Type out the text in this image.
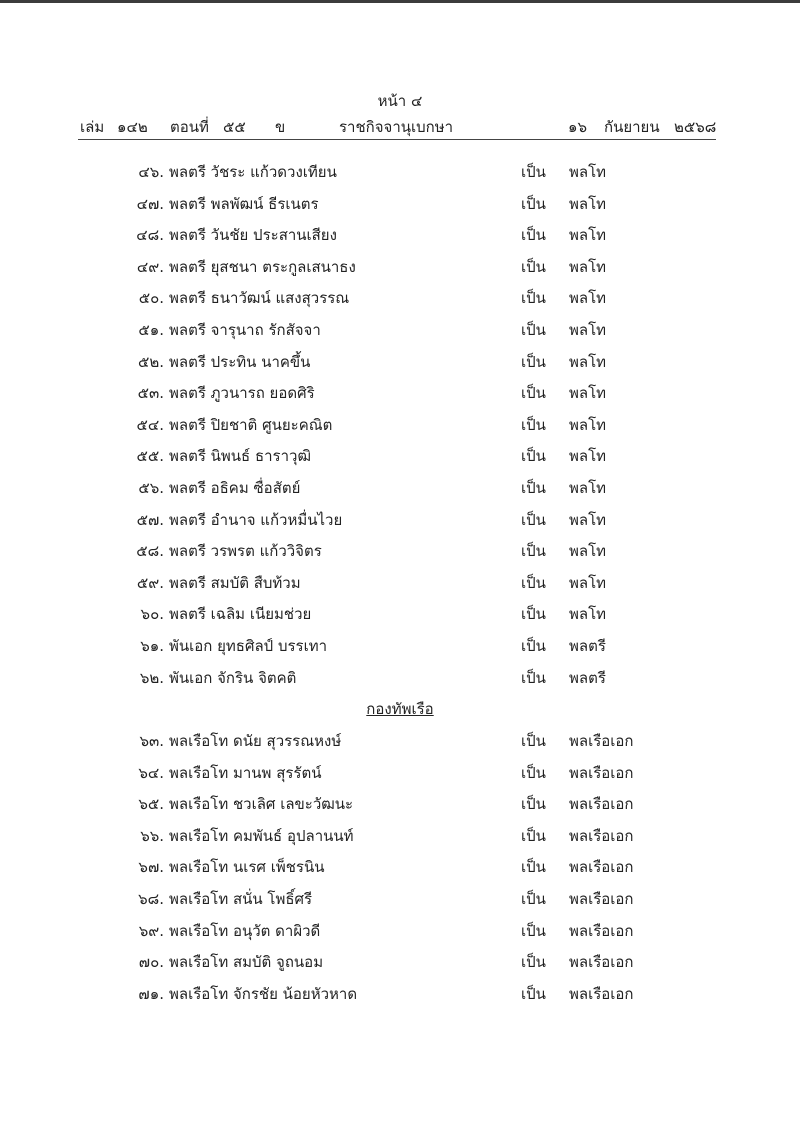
หน้า ๔
เล่ม ๑๔๒ ตอนที่ ๕๕ ข	ราชกิจจานุเบกษา	๑๖ กันยายน ๒๕๖๘
๔๖. พลตรี วัชระ แก้วดวงเทียน	เป็น พลโท
๔๗. พลตรี พลพัฒน์ ธีรเนตร	เป็น พลโท
๔๘. พลตรี วันชัย ประสานเสียง	เป็น พลโท
๔๙. พลตรี ยุสชนา ตระกูลเสนาธง	เป็น พลโท
๕๐. พลตรี ธนาวัฒน์ แสงสุวรรณ	เป็น พลโท
๕๑. พลตรี จารุนาถ รักสัจจา	เป็น พลโท
๕๒. พลตรี ประทิน นาคขึ้น	เป็น พลโท
๕๓. พลตรี ภูวนารถ ยอดศิริ	เป็น พลโท
๕๔. พลตรี ปิยชาติ ศูนยะคณิต	เป็น พลโท
๕๕. พลตรี นิพนธ์ ธาราวุฒิ	เป็น พลโท
๕๖. พลตรี อธิคม ซื่อสัตย์	เป็น พลโท
๕๗. พลตรี อำนาจ แก้วหมื่นไวย	เป็น พลโท
๕๘. พลตรี วรพรต แก้ววิจิตร	เป็น พลโท
๕๙. พลตรี สมบัติ สืบท้วม	เป็น พลโท
๖๐. พลตรี เฉลิม เนียมช่วย	เป็น พลโท
๖๑. พันเอก ยุทธศิลป์ บรรเทา	เป็น พลตรี
๖๒. พันเอก จักริน จิตคติ	เป็น พลตรี
กองทัพเรือ
๖๓. พลเรือโท ดนัย สุวรรณหงษ์	เป็น พลเรือเอก
๖๔. พลเรือโท มานพ สุรรัตน์	เป็น พลเรือเอก
๖๕. พลเรือโท ชวเลิศ เลขะวัฒนะ	เป็น พลเรือเอก
๖๖. พลเรือโท คมพันธ์ อุปลานนท์	เป็น พลเรือเอก
๖๗. พลเรือโท นเรศ เพ็ชรนิน	เป็น พลเรือเอก
๖๘. พลเรือโท สนั่น โพธิ์ศรี	เป็น พลเรือเอก
๖๙. พลเรือโท อนุวัต ดาผิวดี	เป็น พลเรือเอก
๗๐. พลเรือโท สมบัติ จูถนอม	เป็น พลเรือเอก
๗๑. พลเรือโท จักรชัย น้อยหัวหาด	เป็น พลเรือเอก
